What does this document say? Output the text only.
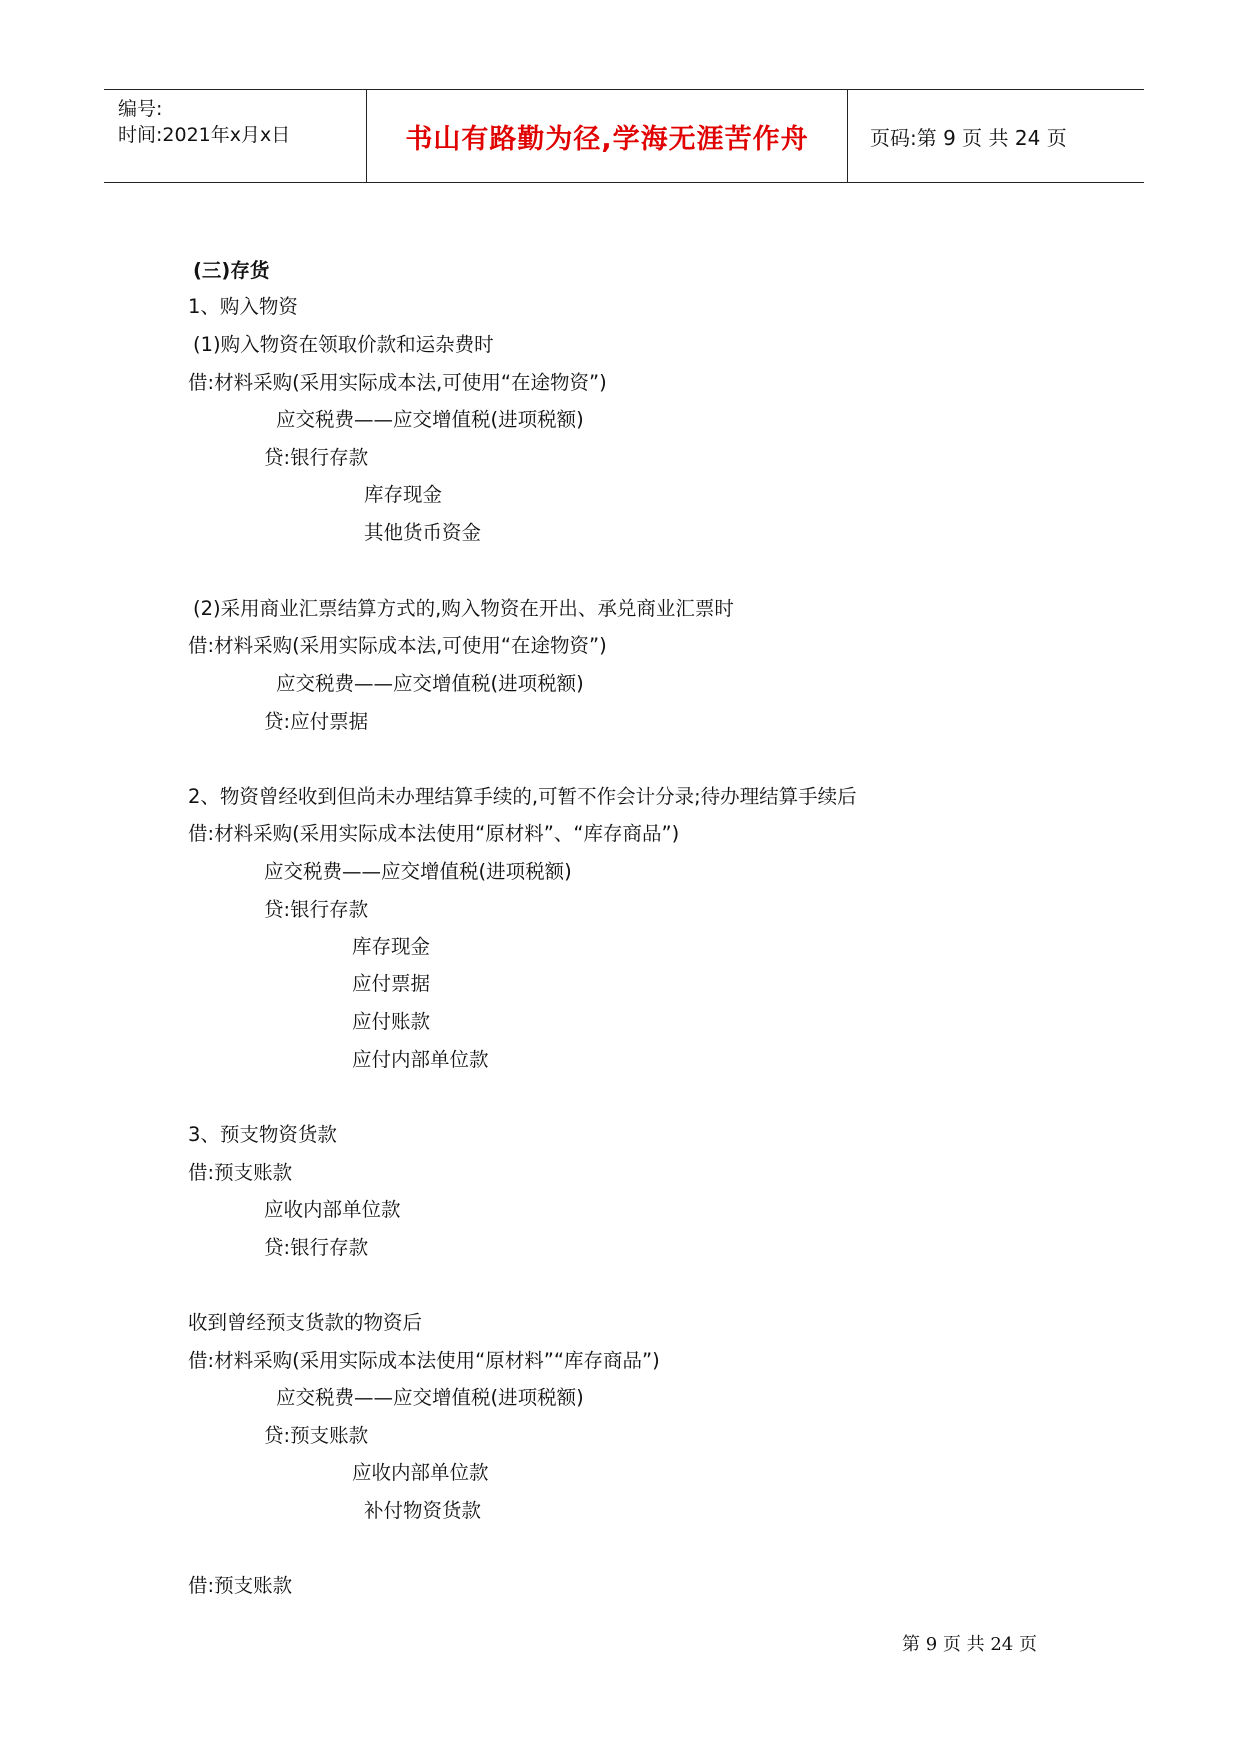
编号:
时间:2021年x月x日	书山有路勤为径,学海无涯苦作舟	页码:第 9 页 共 24 页
(三)存货
1、购入物资
(1)购入物资在领取价款和运杂费时
借:材料采购(采用实际成本法,可使用“在途物资”)
应交税费——应交增值税(进项税额)
贷:银行存款
库存现金
其他货币资金
(2)采用商业汇票结算方式的,购入物资在开出、承兑商业汇票时
借:材料采购(采用实际成本法,可使用“在途物资”)
应交税费——应交增值税(进项税额)
贷:应付票据
2、物资曾经收到但尚未办理结算手续的,可暂不作会计分录;待办理结算手续后
借:材料采购(采用实际成本法使用“原材料”、“库存商品”)
应交税费——应交增值税(进项税额)
贷:银行存款
库存现金
应付票据
应付账款
应付内部单位款
3、预支物资货款
借:预支账款
应收内部单位款
贷:银行存款
收到曾经预支货款的物资后
借:材料采购(采用实际成本法使用“原材料”“库存商品”)
应交税费——应交增值税(进项税额)
贷:预支账款
应收内部单位款
补付物资货款
借:预支账款
第 9 页 共 24 页
